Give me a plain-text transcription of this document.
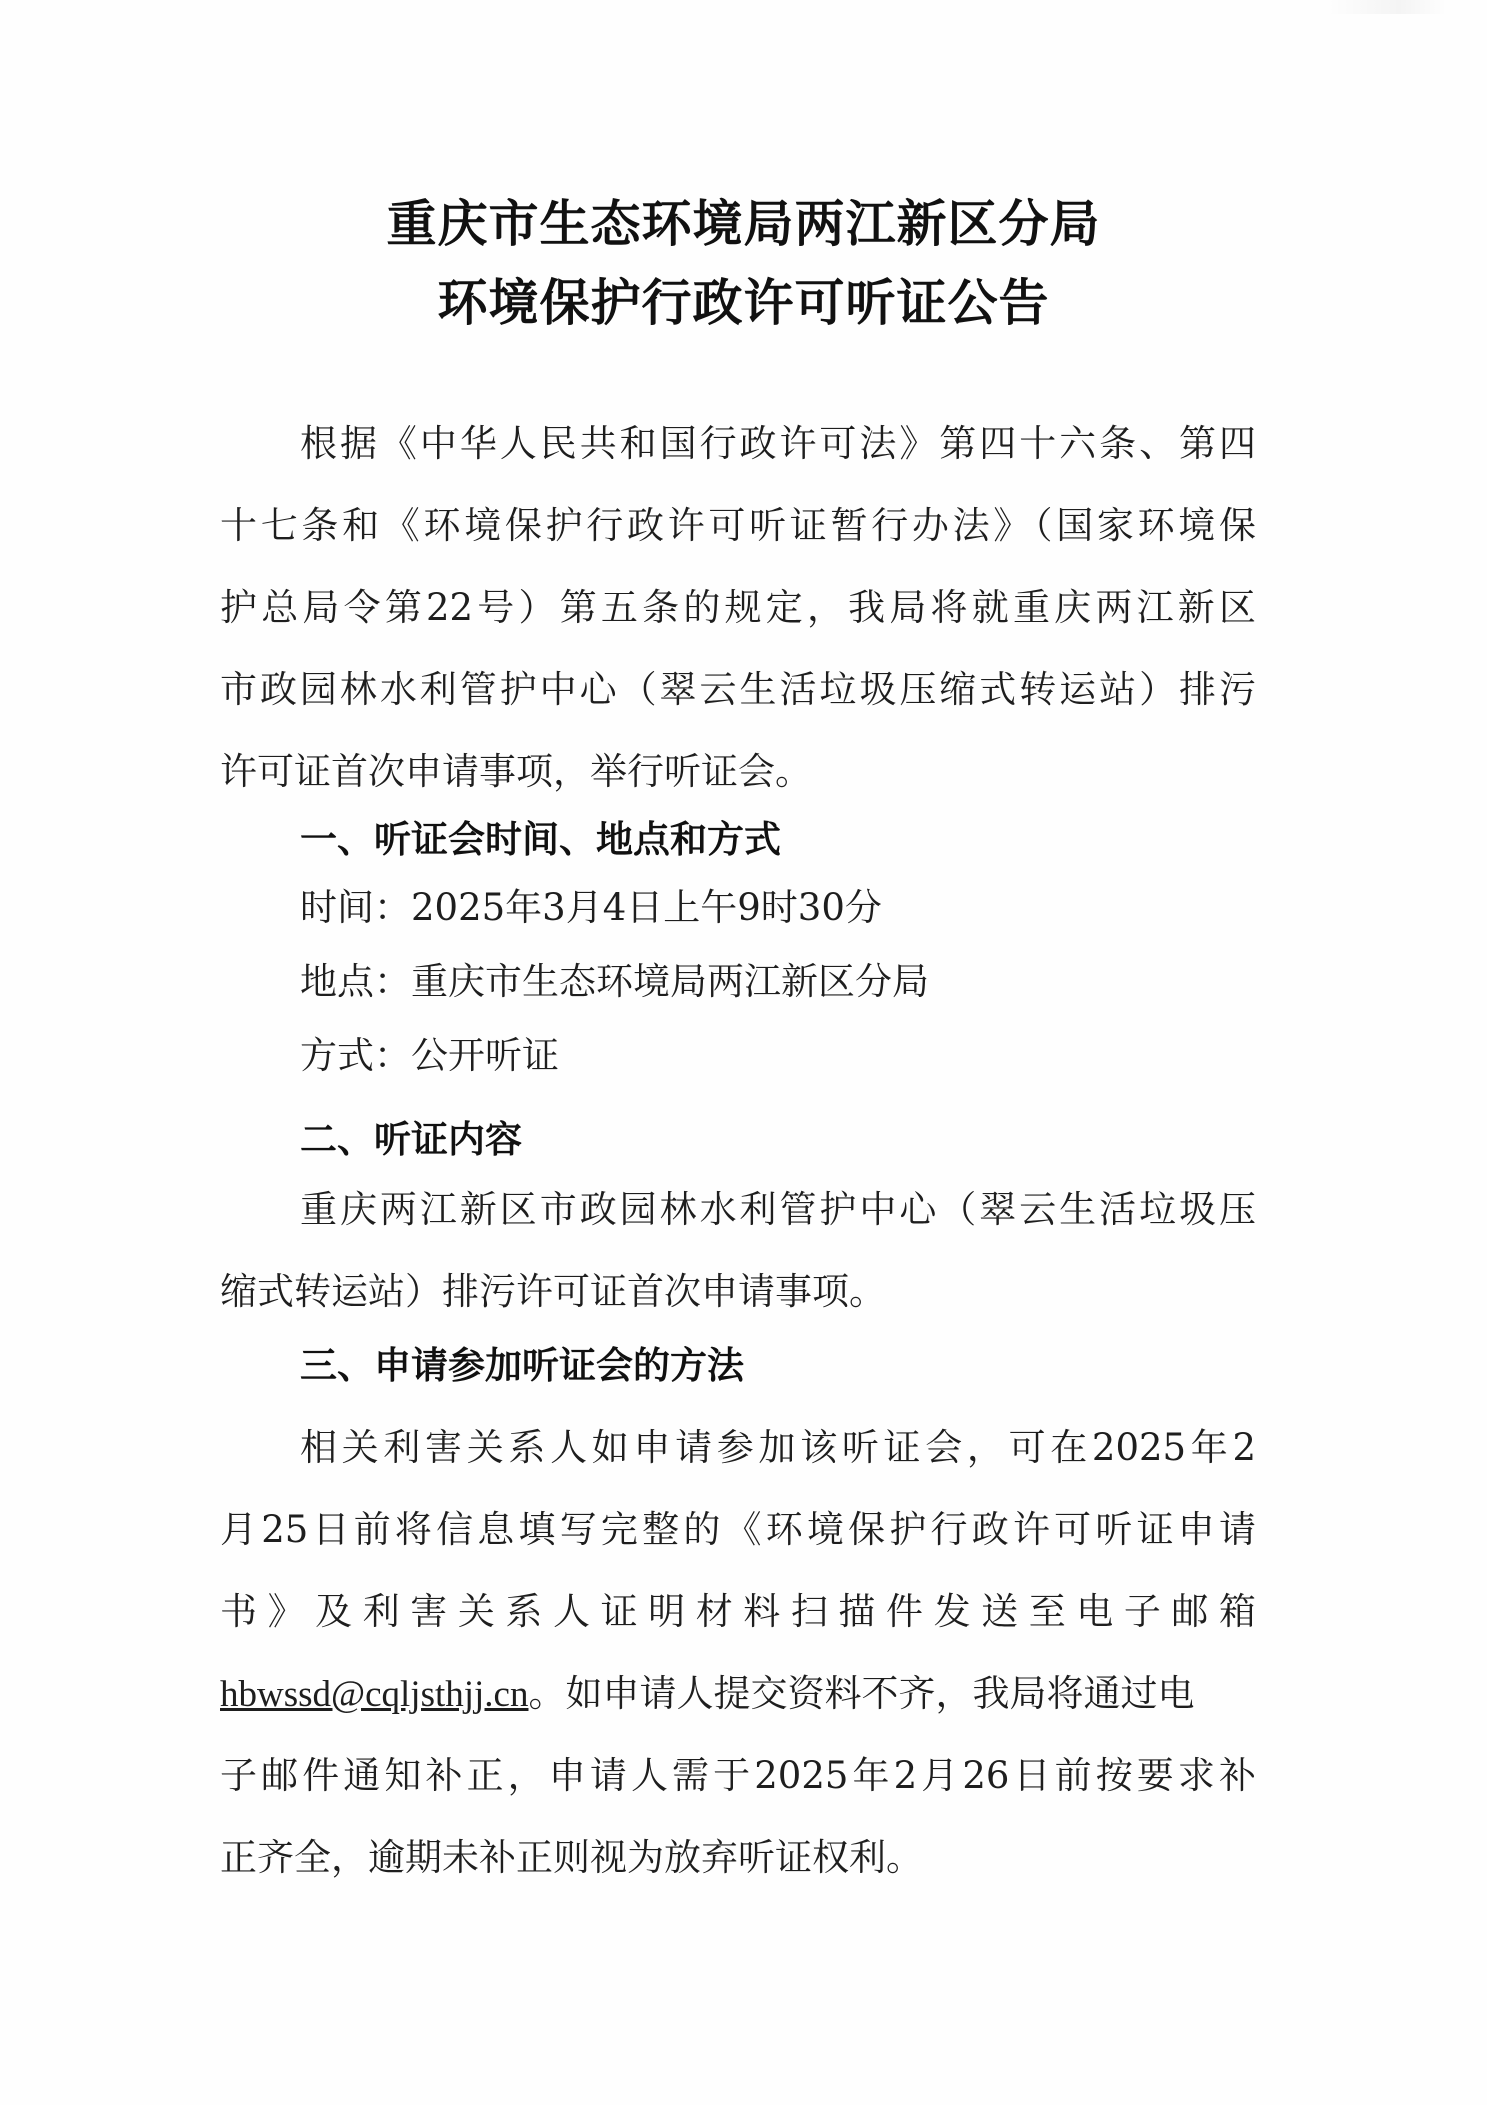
重庆市生态环境局两江新区分局
环境保护行政许可听证公告
根据《中华人民共和国行政许可法》第四十六条、第四
十七条和《环境保护行政许可听证暂行办法》（国家环境保
护总局令第22号）第五条的规定，我局将就重庆两江新区
市政园林水利管护中心（翠云生活垃圾压缩式转运站）排污
许可证首次申请事项，举行听证会。
一、听证会时间、地点和方式
时间：2025年3月4日上午9时30分
地点：重庆市生态环境局两江新区分局
方式：公开听证
二、听证内容
重庆两江新区市政园林水利管护中心（翠云生活垃圾压
缩式转运站）排污许可证首次申请事项。
三、申请参加听证会的方法
相关利害关系人如申请参加该听证会，可在2025年2
月25日前将信息填写完整的《环境保护行政许可听证申请
书》及利害关系人证明材料扫描件发送至电子邮箱
hbwssd@cqljsthjj.cn。如申请人提交资料不齐，我局将通过电
子邮件通知补正，申请人需于2025年2月26日前按要求补
正齐全，逾期未补正则视为放弃听证权利。
